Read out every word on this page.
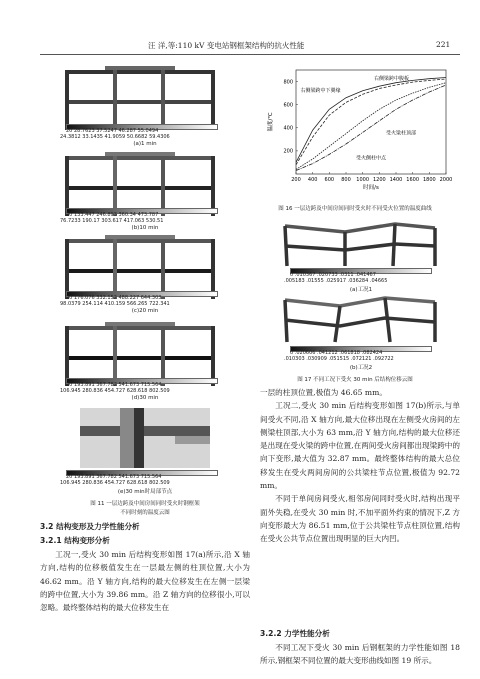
汪 洋,等:110 kV 变电站钢框架结构的抗火性能	221
20 28.7623 37.5247 46.287 55.0494
24.3812 33.1435 41.9059 50.6682 59.4306
(a)1 min
20 133.447 246.893 360.34 473.787
76.7233 190.17 303.617 417.063 530.51
(b)10 min
20 176.076 332.152 488.227 644.303
98.0379 254.114 410.159 566.265 722.341
(c)20 min
20 193.891 367.782 541.673 715.564
106.945 280.836 454.727 628.618 802.509
(d)30 min
20 193.891 367.782 541.673 715.564
106.945 280.836 454.727 628.618 802.509
(e)30 min时局部节点
图 11 一层边跨及中间房间同时受火时钢框架
不同时刻的温度云图
3.2 结构变形及力学性能分析
3.2.1 结构变形分析

工况一,受火 30 min 后结构变形如图 17(a)所示,沿 X 轴方向,结构的位移极值发生在一层最左侧的柱顶位置,大小为 46.62 mm。沿 Y 轴方向,结构的最大位移发生在左侧一层梁的跨中位置,大小为 39.86 mm。沿 Z 轴方向的位移很小,可以忽略。最终整体结构的最大位移发生在

200 400 600 800 1000 1200 1400 1600 1800 2000
200
400
600
800
时间/s
温度/℃
右侧梁跨中腹板
右侧梁跨中下翼缘
受火梁柱顶部
受火侧柱中点
图 16 一层边跨及中间房间同时受火时不同受火位置的温度曲线
0 .010367 .020733 .0311 .041467
.005183 .01555 .025917 .036284 .04665
(a)工况1
0 .020606 .041212 .061818 .082424
.010303 .030909 .051515 .072121 .092722
(b)工况2
图 17 不同工况下受火 30 min 后结构位移云图

一层的柱顶位置,极值为 46.65 mm。

工况二,受火 30 min 后结构变形如图 17(b)所示,与单间受火不同,沿 X 轴方向,最大位移出现在左侧受火房间的左侧梁柱顶部,大小为 63 mm,沿 Y 轴方向,结构的最大位移还是出现在受火梁的跨中位置,在两间受火房间都出现梁跨中的向下变形,最大值为 32.87 mm。最终整体结构的最大总位移发生在受火两间房间的公共梁柱节点位置,极值为 92.72 mm。

不同于单间房间受火,相邻房间同时受火时,结构出现平面外失稳,在受火 30 min 时,不加平面外约束的情况下,Z 方向变形最大为 86.51 mm,位于公共梁柱节点柱顶位置,结构在受火公共节点位置出现明显的巨大内凹。

3.2.2 力学性能分析

不同工况下受火 30 min 后钢框架的力学性能如图 18 所示,钢框架不同位置的最大变形曲线如图 19 所示。
